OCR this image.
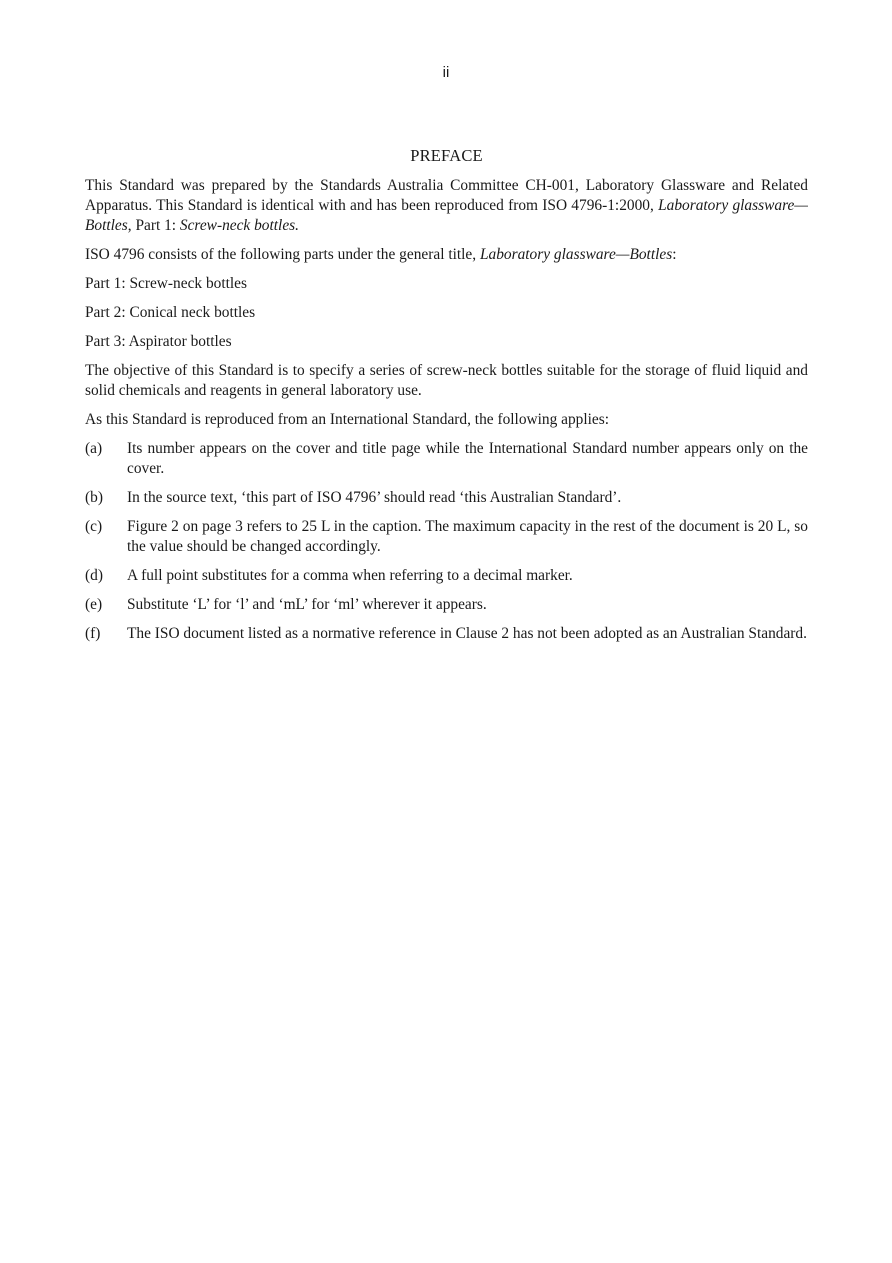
ii
PREFACE

This Standard was prepared by the Standards Australia Committee CH-001, Laboratory Glassware and Related Apparatus. This Standard is identical with and has been reproduced from ISO 4796-1:2000, Laboratory glassware—Bottles, Part 1: Screw-neck bottles.

ISO 4796 consists of the following parts under the general title, Laboratory glassware—Bottles:

Part 1: Screw-neck bottles

Part 2: Conical neck bottles

Part 3: Aspirator bottles

The objective of this Standard is to specify a series of screw-neck bottles suitable for the storage of fluid liquid and solid chemicals and reagents in general laboratory use.

As this Standard is reproduced from an International Standard, the following applies:

(a)	Its number appears on the cover and title page while the International Standard number appears only on the cover.
(b)	In the source text, ‘this part of ISO 4796’ should read ‘this Australian Standard’.
(c)	Figure 2 on page 3 refers to 25 L in the caption. The maximum capacity in the rest of the document is 20 L, so the value should be changed accordingly.
(d)	A full point substitutes for a comma when referring to a decimal marker.
(e)	Substitute ‘L’ for ‘l’ and ‘mL’ for ‘ml’ wherever it appears.
(f)	The ISO document listed as a normative reference in Clause 2 has not been adopted as an Australian Standard.
